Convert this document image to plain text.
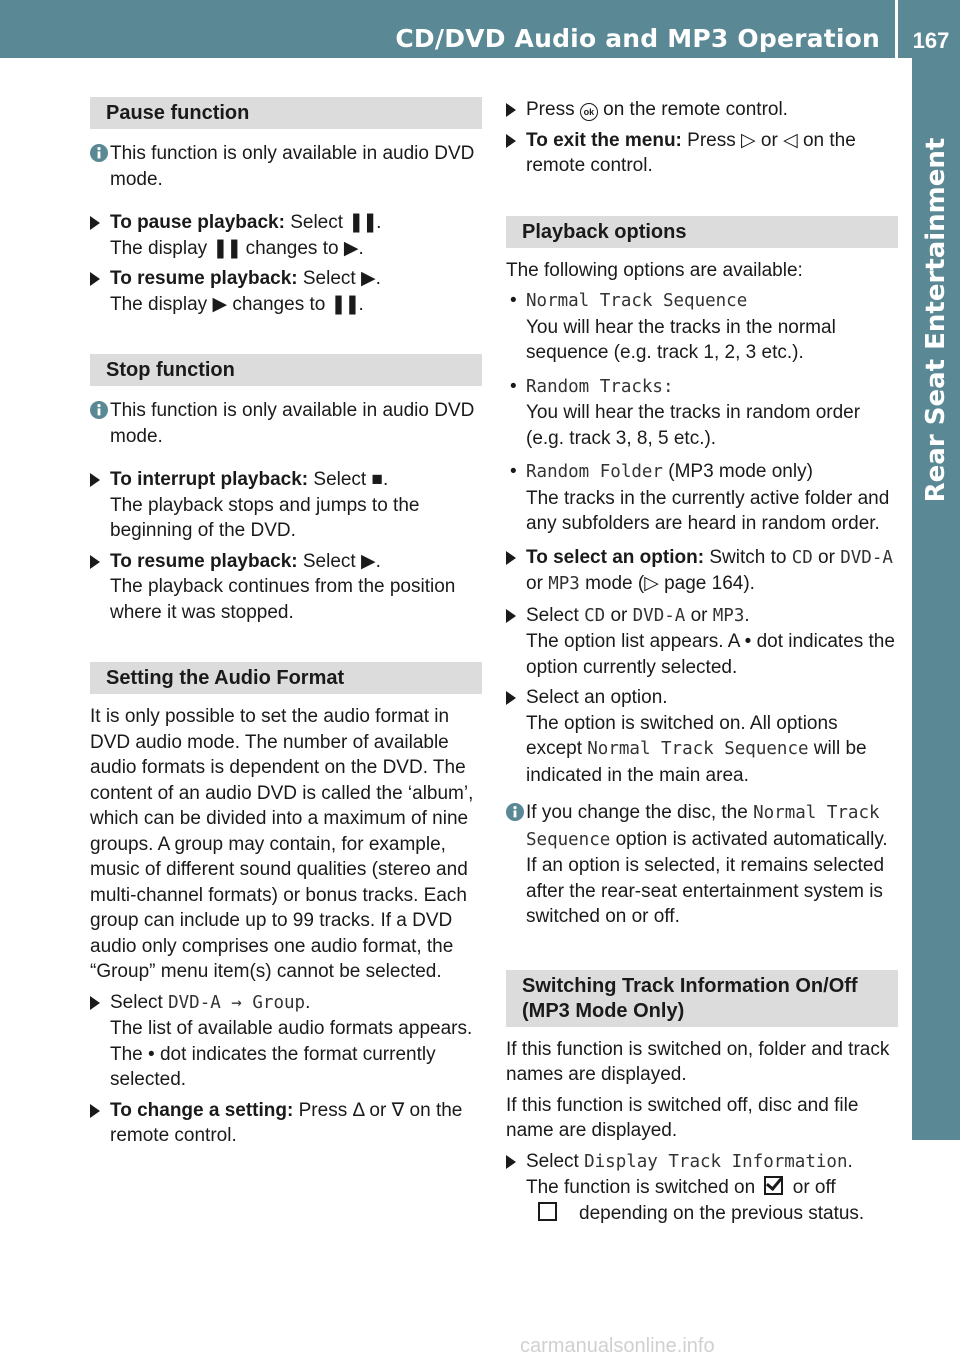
CD/DVD Audio and MP3 Operation	167
Rear Seat Entertainment
Pause function
This function is only available in audio DVD mode.
To pause playback: Select ❚❚.
The display ❚❚ changes to ▶.
To resume playback: Select ▶.
The display ▶ changes to ❚❚.
Stop function
This function is only available in audio DVD mode.
To interrupt playback: Select ■.
The playback stops and jumps to the beginning of the DVD.
To resume playback: Select ▶.
The playback continues from the position where it was stopped.
Setting the Audio Format
It is only possible to set the audio format in DVD audio mode. The number of available audio formats is dependent on the DVD. The content of an audio DVD is called the ‘album’, which can be divided into a maximum of nine groups. A group may contain, for example, music of different sound qualities (stereo and multi-channel formats) or bonus tracks. Each group can include up to 99 tracks. If a DVD audio only comprises one audio format, the “Group” menu item(s) cannot be selected.
Select DVD-A → Group.
The list of available audio formats appears. The • dot indicates the format currently selected.
To change a setting: Press Δ or ∇ on the remote control.
Press ok on the remote control.
To exit the menu: Press ▷ or ◁ on the remote control.
Playback options
The following options are available:
• Normal Track Sequence
You will hear the tracks in the normal sequence (e.g. track 1, 2, 3 etc.).
• Random Tracks:
You will hear the tracks in random order (e.g. track 3, 8, 5 etc.).
• Random Folder (MP3 mode only)
The tracks in the currently active folder and any subfolders are heard in random order.
To select an option: Switch to CD or DVD-A or MP3 mode (▷ page 164).
Select CD or DVD-A or MP3.
The option list appears. A • dot indicates the option currently selected.
Select an option.
The option is switched on. All options except Normal Track Sequence will be indicated in the main area.
If you change the disc, the Normal Track Sequence option is activated automatically. If an option is selected, it remains selected after the rear-seat entertainment system is switched on or off.
Switching Track Information On/Off (MP3 Mode Only)
If this function is switched on, folder and track names are displayed.
If this function is switched off, disc and file name are displayed.
Select Display Track Information.
The function is switched on  or off
depending on the previous status.
carmanualsonline.info
